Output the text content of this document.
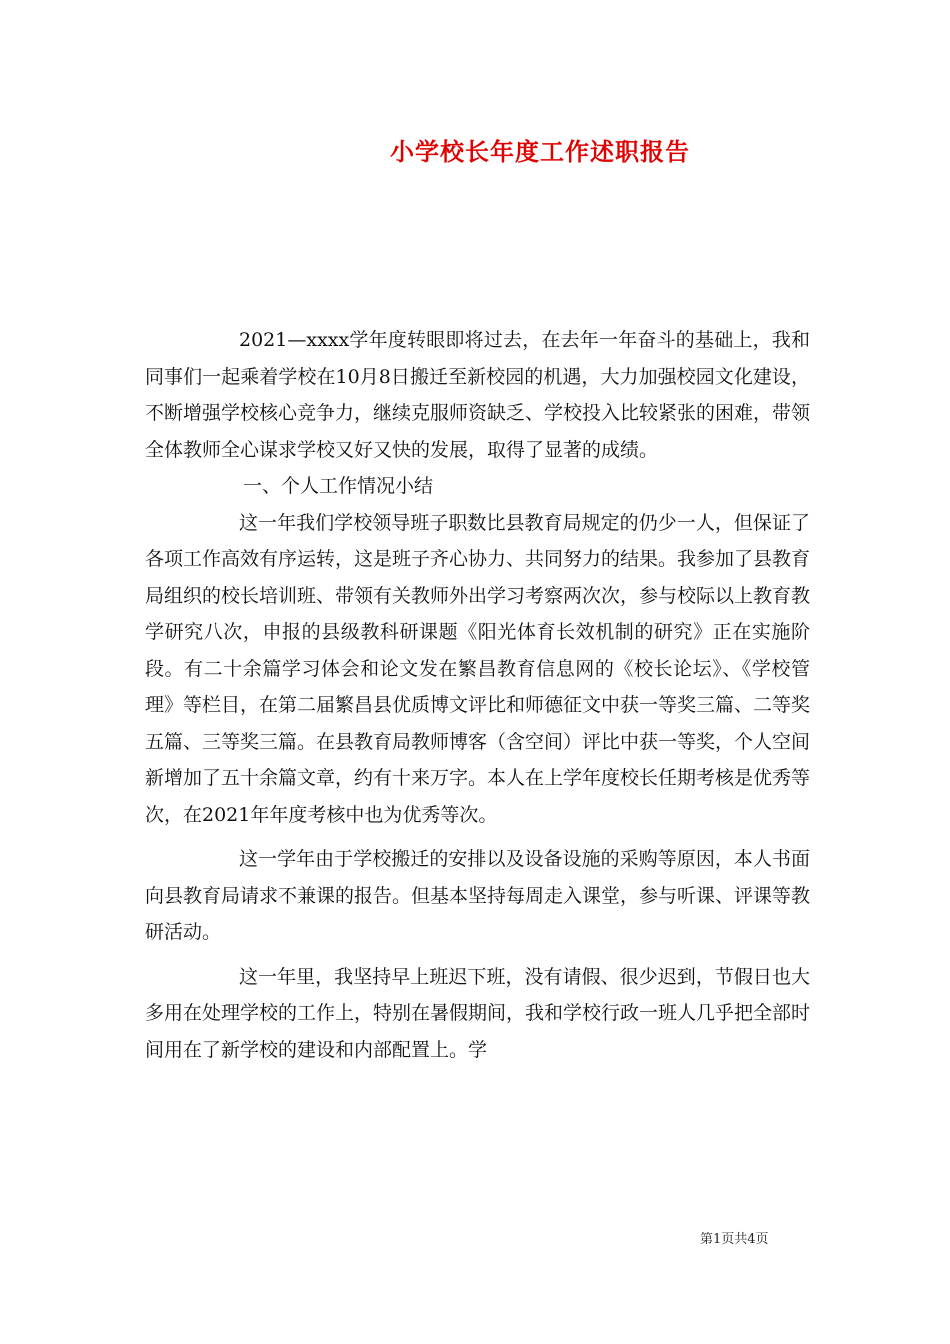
小学校长年度工作述职报告

2021—xxxx学年度转眼即将过去，在去年一年奋斗的基础上，我和同事们一起乘着学校在10月8日搬迁至新校园的机遇，大力加强校园文化建设，不断增强学校核心竞争力，继续克服师资缺乏、学校投入比较紧张的困难，带领全体教师全心谋求学校又好又快的发展，取得了显著的成绩。

一、个人工作情况小结

这一年我们学校领导班子职数比县教育局规定的仍少一人，但保证了各项工作高效有序运转，这是班子齐心协力、共同努力的结果。我参加了县教育局组织的校长培训班、带领有关教师外出学习考察两次次，参与校际以上教育教学研究八次，申报的县级教科研课题《阳光体育长效机制的研究》正在实施阶段。有二十余篇学习体会和论文发在繁昌教育信息网的《校长论坛》、《学校管理》等栏目，在第二届繁昌县优质博文评比和师德征文中获一等奖三篇、二等奖五篇、三等奖三篇。在县教育局教师博客（含空间）评比中获一等奖，个人空间新增加了五十余篇文章，约有十来万字。本人在上学年度校长任期考核是优秀等次，在2021年年度考核中也为优秀等次。

这一学年由于学校搬迁的安排以及设备设施的采购等原因，本人书面向县教育局请求不兼课的报告。但基本坚持每周走入课堂，参与听课、评课等教研活动。

这一年里，我坚持早上班迟下班，没有请假、很少迟到，节假日也大多用在处理学校的工作上，特别在暑假期间，我和学校行政一班人几乎把全部时间用在了新学校的建设和内部配置上。学

第1页共4页
